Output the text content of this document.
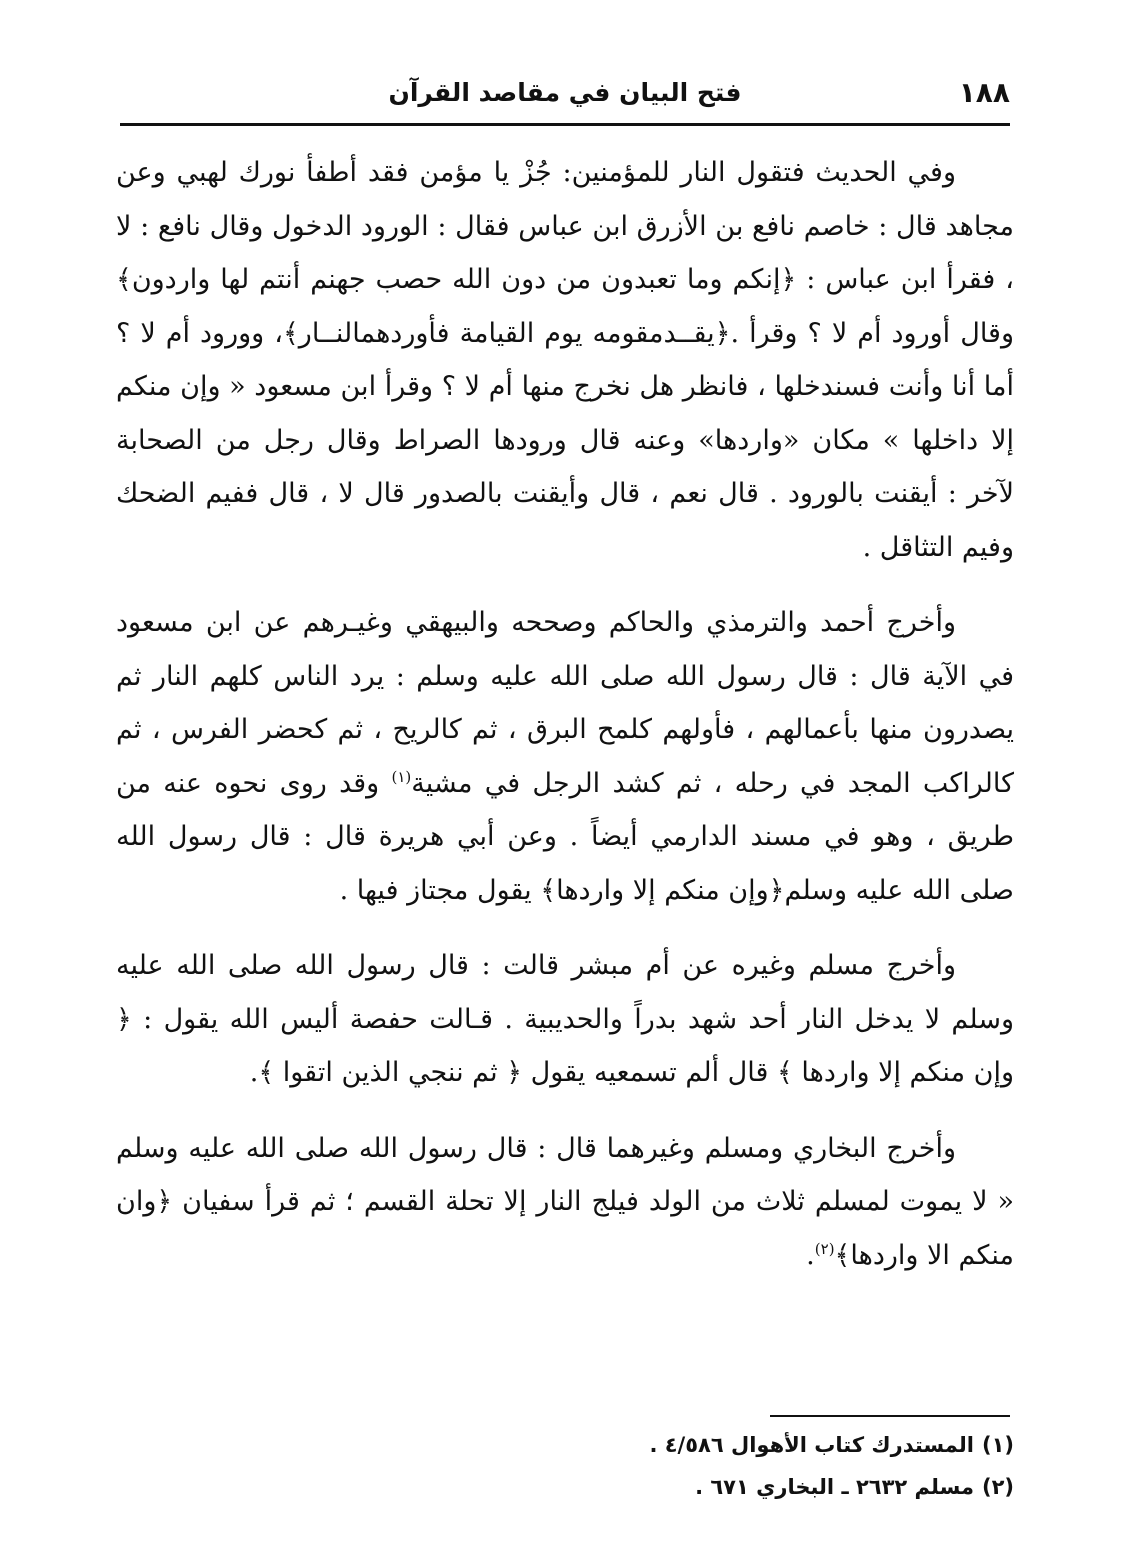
١٨٨
فتح البيان في مقاصد القرآن

وفي الحديث فتقول النار للمؤمنين: جُزْ يا مؤمن فقد أطفأ نورك لهبي وعن مجاهد قال : خاصم نافع بن الأزرق ابن عباس فقال : الورود الدخول وقال نافع : لا ، فقرأ ابن عباس : ﴿إنكم وما تعبدون من دون الله حصب جهنم أنتم لها واردون﴾ وقال أورود أم لا ؟ وقرأ .﴿يقــدمقومه يوم القيامة فأوردهمالنــار﴾، وورود أم لا ؟ أما أنا وأنت فسندخلها ، فانظر هل نخرج منها أم لا ؟ وقرأ ابن مسعود « وإن منكم إلا داخلها » مكان «واردها» وعنه قال ورودها الصراط وقال رجل من الصحابة لآخر : أيقنت بالورود . قال نعم ، قال وأيقنت بالصدور قال لا ، قال ففيم الضحك وفيم التثاقل .

وأخرج أحمد والترمذي والحاكم وصححه والبيهقي وغيـرهم عن ابن مسعود في الآية قال : قال رسول الله صلى الله عليه وسلم : يرد الناس كلهم النار ثم يصدرون منها بأعمالهم ، فأولهم كلمح البرق ، ثم كالريح ، ثم كحضر الفرس ، ثم كالراكب المجد في رحله ، ثم كشد الرجل في مشية$^{(١)}$ وقد روى نحوه عنه من طريق ، وهو في مسند الدارمي أيضاً . وعن أبي هريرة قال : قال رسول الله صلى الله عليه وسلم﴿وإن منكم إلا واردها﴾ يقول مجتاز فيها .

وأخرج مسلم وغيره عن أم مبشر قالت : قال رسول الله صلى الله عليه وسلم لا يدخل النار أحد شهد بدراً والحديبية . قـالت حفصة أليس الله يقول : ﴿ وإن منكم إلا واردها ﴾ قال ألم تسمعيه يقول ﴿ ثم ننجي الذين اتقوا ﴾.

وأخرج البخاري ومسلم وغيرهما قال : قال رسول الله صلى الله عليه وسلم « لا يموت لمسلم ثلاث من الولد فيلج النار إلا تحلة القسم ؛ ثم قرأ سفيان ﴿وان منكم الا واردها﴾$^{(٢)}$.

(١)المستدرك كتاب الأهوال ٤/٥٨٦ .
(٢)مسلم ٢٦٣٢ ـ البخاري ٦٧١ .
